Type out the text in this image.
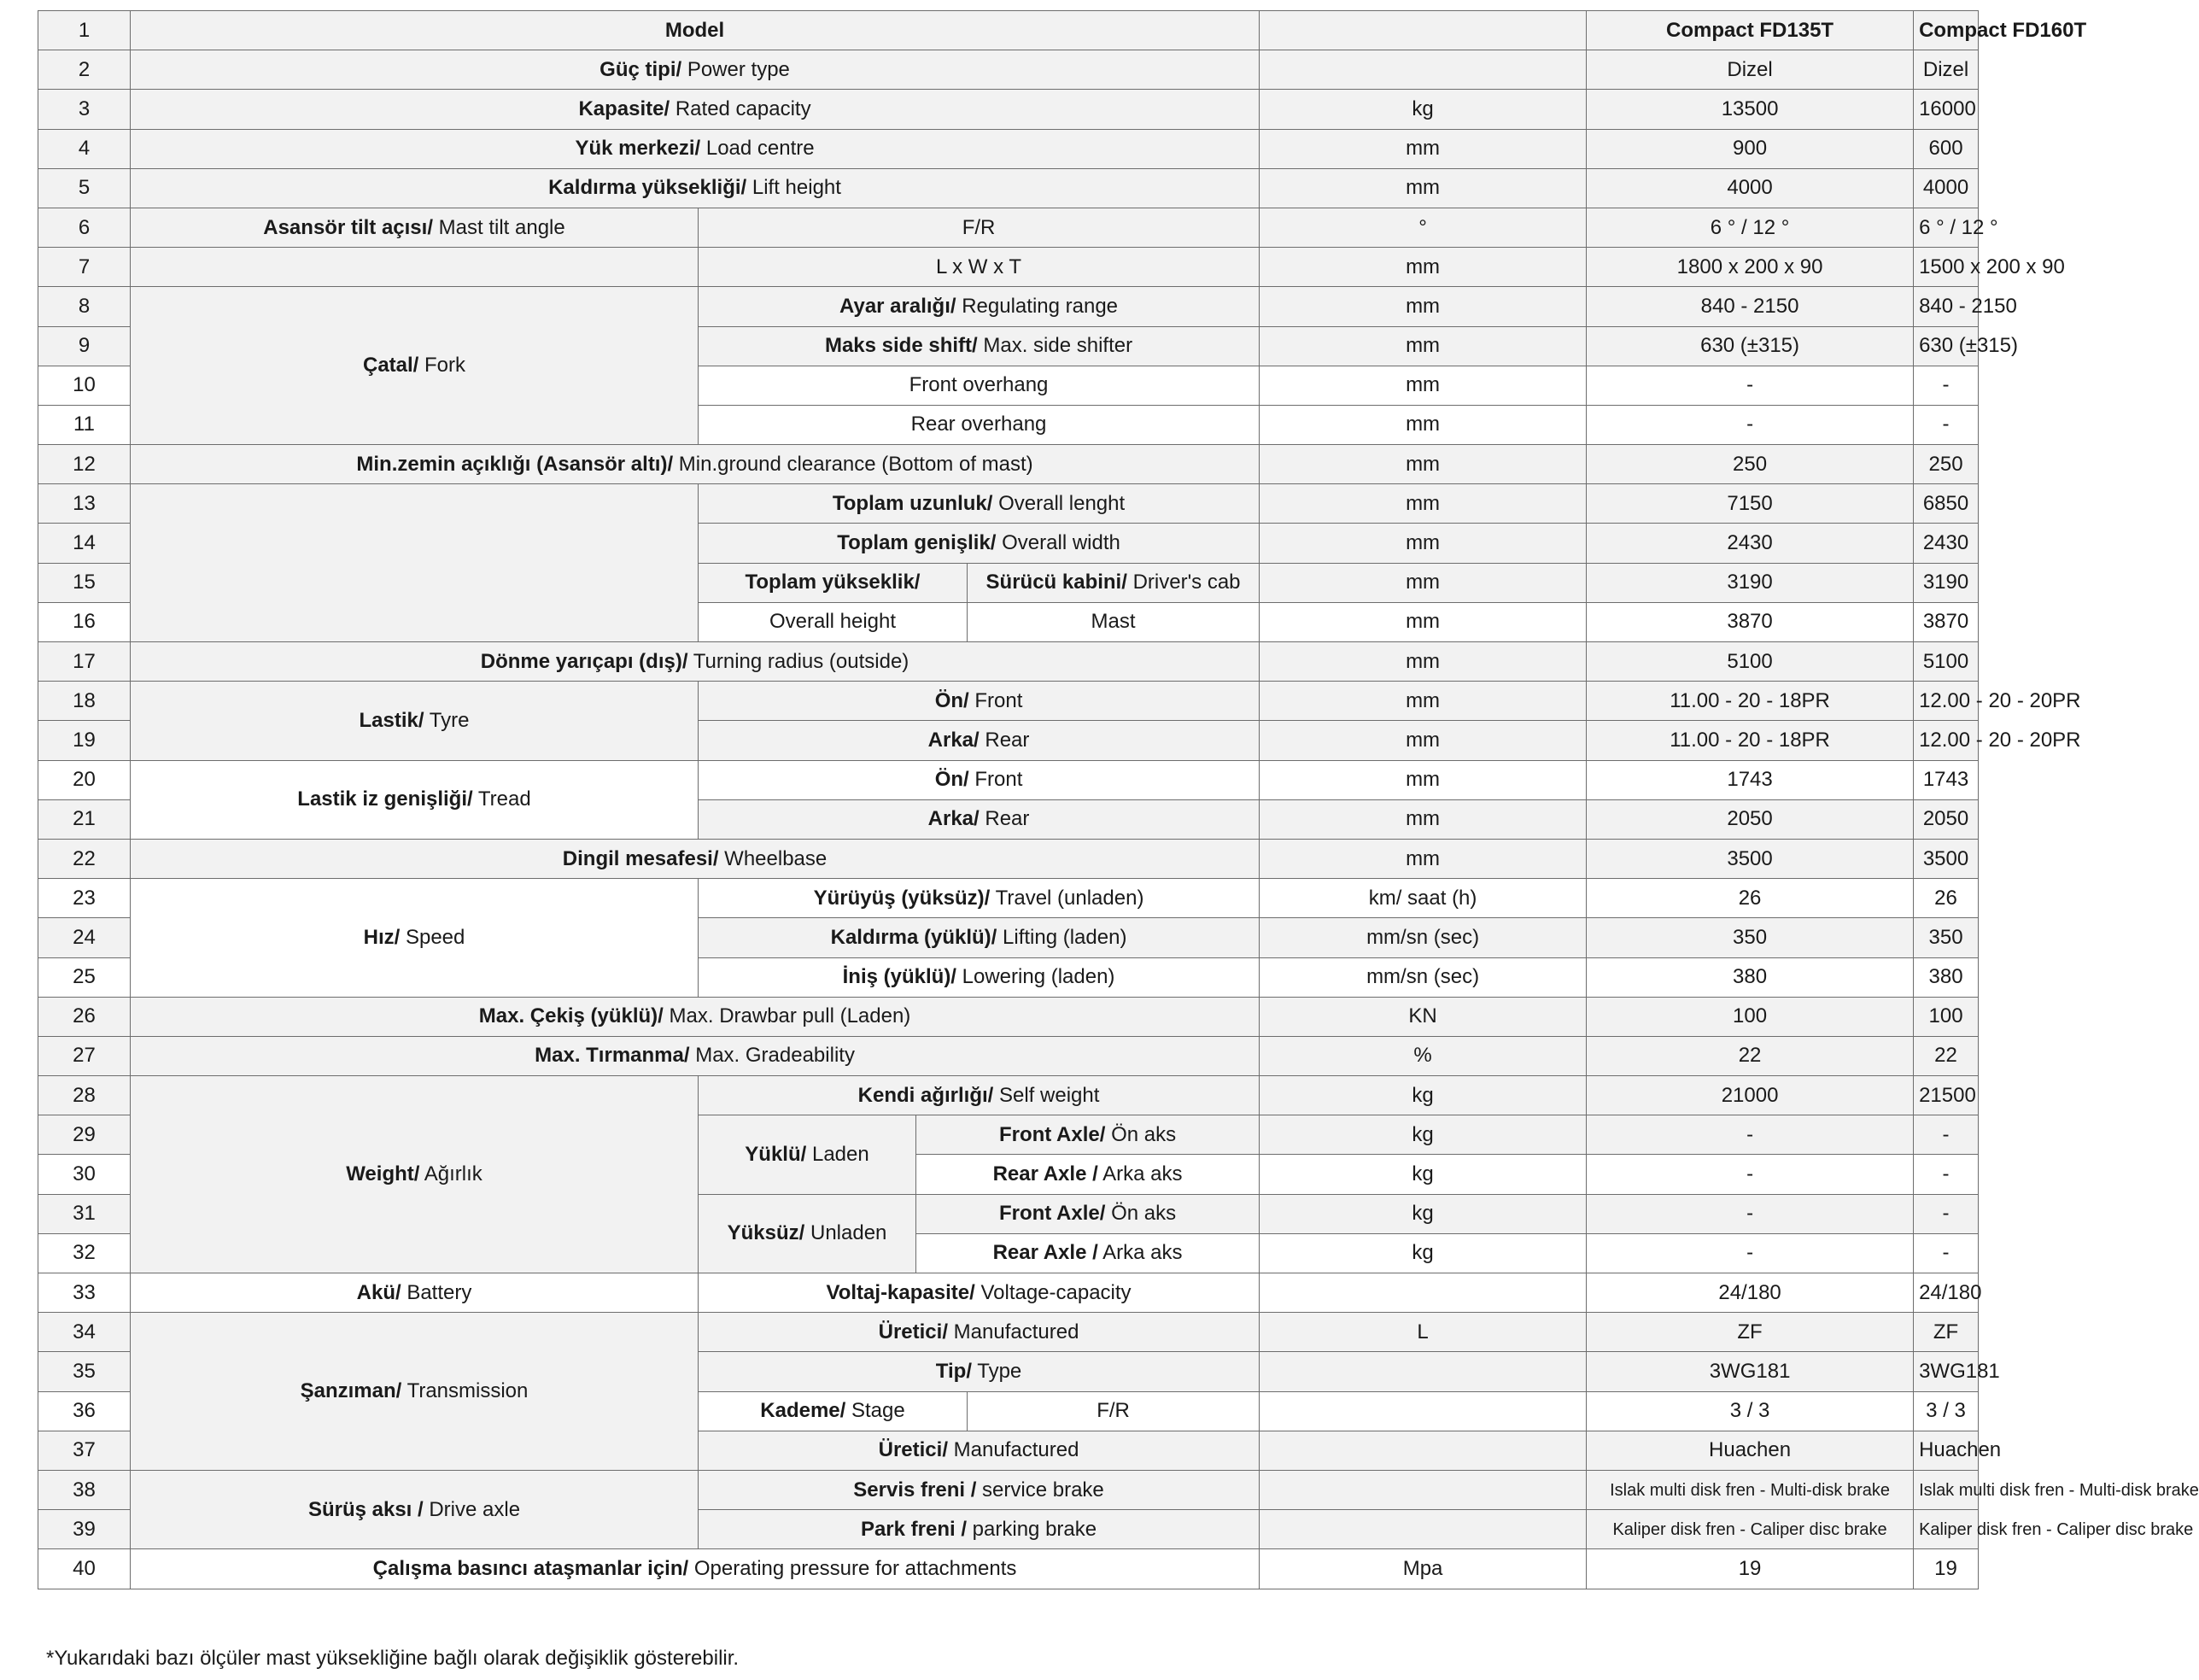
1	Model					Compact FD135T	Compact FD160T
2	Güç tipi/ Power type					Dizel	Dizel
3	Kapasite/ Rated capacity				kg	13500	16000
4	Yük merkezi/ Load centre				mm	900	600
5	Kaldırma yüksekliği/ Lift height				mm	4000	4000
6	Asansör tilt açısı/ Mast tilt angle	F/R			°	6 ° / 12 °	6 ° / 12 °
7		L x W x T			mm	1800 x 200 x 90	1500 x 200 x 90
8	Çatal/ Fork	Ayar aralığı/ Regulating range			mm	840 - 2150	840 - 2150
9		Maks side shift/ Max. side shifter			mm	630 (±315)	630 (±315)
10		Front overhang			mm	-	-
11		Rear overhang			mm	-	-
12	Min.zemin açıklığı (Asansör altı)/ Min.ground clearance (Bottom of mast)				mm	250	250
13		Toplam uzunluk/ Overall lenght			mm	7150	6850
14		Toplam genişlik/ Overall width			mm	2430	2430
15		Toplam yükseklik/		Sürücü kabini/ Driver's cab	mm	3190	3190
16		Overall height		Mast	mm	3870	3870
17	Dönme yarıçapı (dış)/ Turning radius (outside)				mm	5100	5100
18	Lastik/ Tyre	Ön/ Front			mm	11.00 - 20 - 18PR	12.00 - 20 - 20PR
19		Arka/ Rear			mm	11.00 - 20 - 18PR	12.00 - 20 - 20PR
20	Lastik iz genişliği/ Tread	Ön/ Front			mm	1743	1743
21		Arka/ Rear			mm	2050	2050
22	Dingil mesafesi/ Wheelbase				mm	3500	3500
23	Hız/ Speed	Yürüyüş (yüksüz)/ Travel (unladen)			km/ saat (h)	26	26
24		Kaldırma (yüklü)/ Lifting (laden)			mm/sn (sec)	350	350
25		İniş (yüklü)/ Lowering (laden)			mm/sn (sec)	380	380
26	Max. Çekiş (yüklü)/ Max. Drawbar pull (Laden)				KN	100	100
27	Max. Tırmanma/ Max. Gradeability				%	22	22
28	Weight/ Ağırlık	Kendi ağırlığı/ Self weight			kg	21000	21500
29		Yüklü/ Laden	Front Axle/ Ön aks		kg	-	-
30			Rear Axle / Arka aks		kg	-	-
31		Yüksüz/ Unladen	Front Axle/ Ön aks		kg	-	-
32			Rear Axle / Arka aks		kg	-	-
33	Akü/ Battery	Voltaj-kapasite/ Voltage-capacity				24/180	24/180
34	Şanzıman/ Transmission	Üretici/ Manufactured			L	ZF	ZF
35		Tip/ Type				3WG181	3WG181
36		Kademe/ Stage		F/R		3 / 3	3 / 3
37		Üretici/ Manufactured				Huachen	Huachen
38	Sürüş aksı / Drive axle	Servis freni / service brake				Islak multi disk fren - Multi-disk brake	Islak multi disk fren - Multi-disk brake
39		Park freni / parking brake				Kaliper disk fren - Caliper disc brake	Kaliper disk fren - Caliper disc brake
40	Çalışma basıncı ataşmanlar için/ Operating pressure for attachments				Mpa	19	19
*Yukarıdaki bazı ölçüler mast yüksekliğine bağlı olarak değişiklik gösterebilir.
